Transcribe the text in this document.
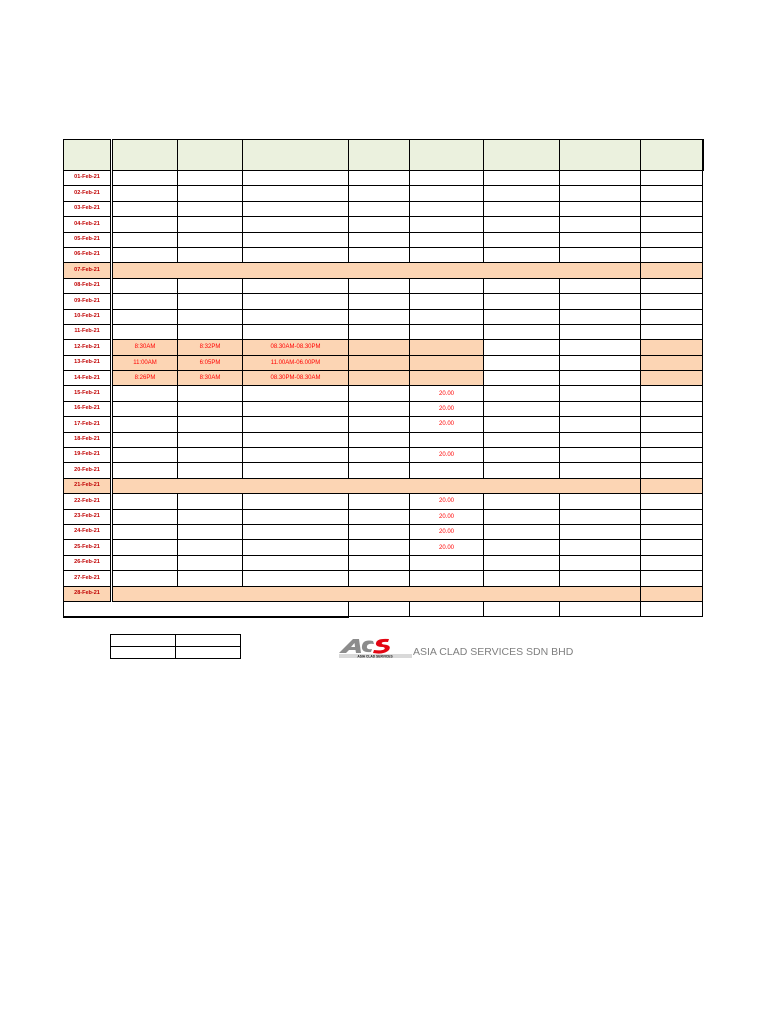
01-Feb-21								
02-Feb-21								
03-Feb-21								
04-Feb-21								
05-Feb-21								
06-Feb-21								
07-Feb-21								
08-Feb-21								
09-Feb-21								
10-Feb-21								
11-Feb-21								
12-Feb-21	8:30AM	8:32PM	08.30AM-08.30PM					
13-Feb-21	11:00AM	6:05PM	11.00AM-06.00PM					
14-Feb-21	8:26PM	8:30AM	08.30PM-08.30AM					
15-Feb-21					20.00			
16-Feb-21					20.00			
17-Feb-21					20.00			
18-Feb-21								
19-Feb-21					20.00			
20-Feb-21								
21-Feb-21								
22-Feb-21					20.00			
23-Feb-21					20.00			
24-Feb-21					20.00			
25-Feb-21					20.00			
26-Feb-21								
27-Feb-21								
28-Feb-21								

ASIA CLAD SERVICES ASIA CLAD SERVICES SDN BHD
